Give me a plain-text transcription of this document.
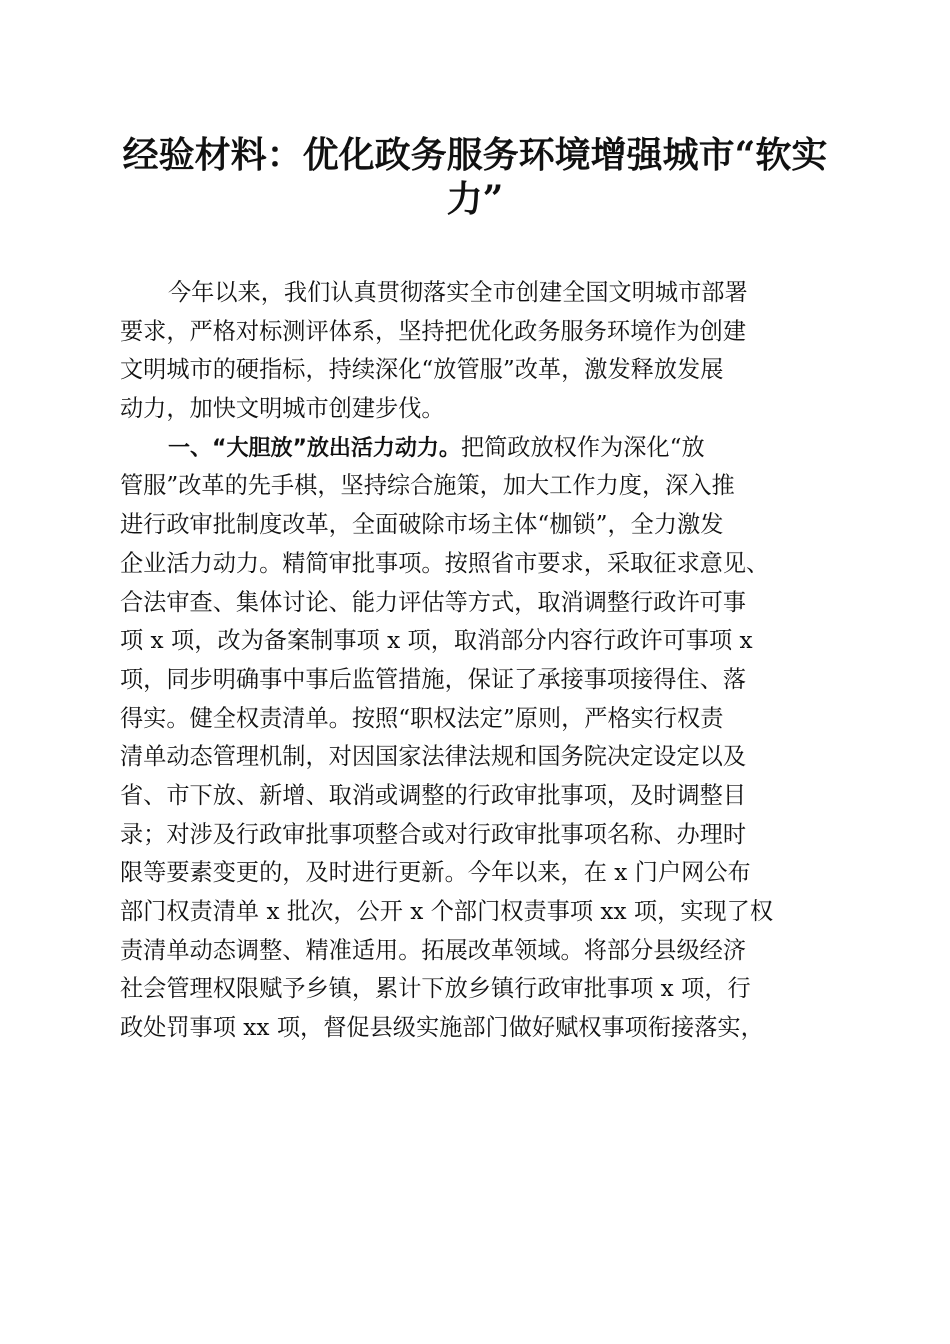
经验材料：优化政务服务环境增强城市“软实
力”
今年以来，我们认真贯彻落实全市创建全国文明城市部署
要求，严格对标测评体系，坚持把优化政务服务环境作为创建
文明城市的硬指标，持续深化“放管服”改革，激发释放发展
动力，加快文明城市创建步伐。
一、“大胆放”放出活力动力。把简政放权作为深化“放
管服”改革的先手棋，坚持综合施策，加大工作力度，深入推
进行政审批制度改革，全面破除市场主体“枷锁”，全力激发
企业活力动力。精简审批事项。按照省市要求，采取征求意见、
合法审查、集体讨论、能力评估等方式，取消调整行政许可事
项 x 项，改为备案制事项 x 项，取消部分内容行政许可事项 x
项，同步明确事中事后监管措施，保证了承接事项接得住、落
得实。健全权责清单。按照“职权法定”原则，严格实行权责
清单动态管理机制，对因国家法律法规和国务院决定设定以及
省、市下放、新增、取消或调整的行政审批事项，及时调整目
录；对涉及行政审批事项整合或对行政审批事项名称、办理时
限等要素变更的，及时进行更新。今年以来，在 x 门户网公布
部门权责清单 x 批次，公开 x 个部门权责事项 xx 项，实现了权
责清单动态调整、精准适用。拓展改革领域。将部分县级经济
社会管理权限赋予乡镇，累计下放乡镇行政审批事项 x 项，行
政处罚事项 xx 项，督促县级实施部门做好赋权事项衔接落实，
